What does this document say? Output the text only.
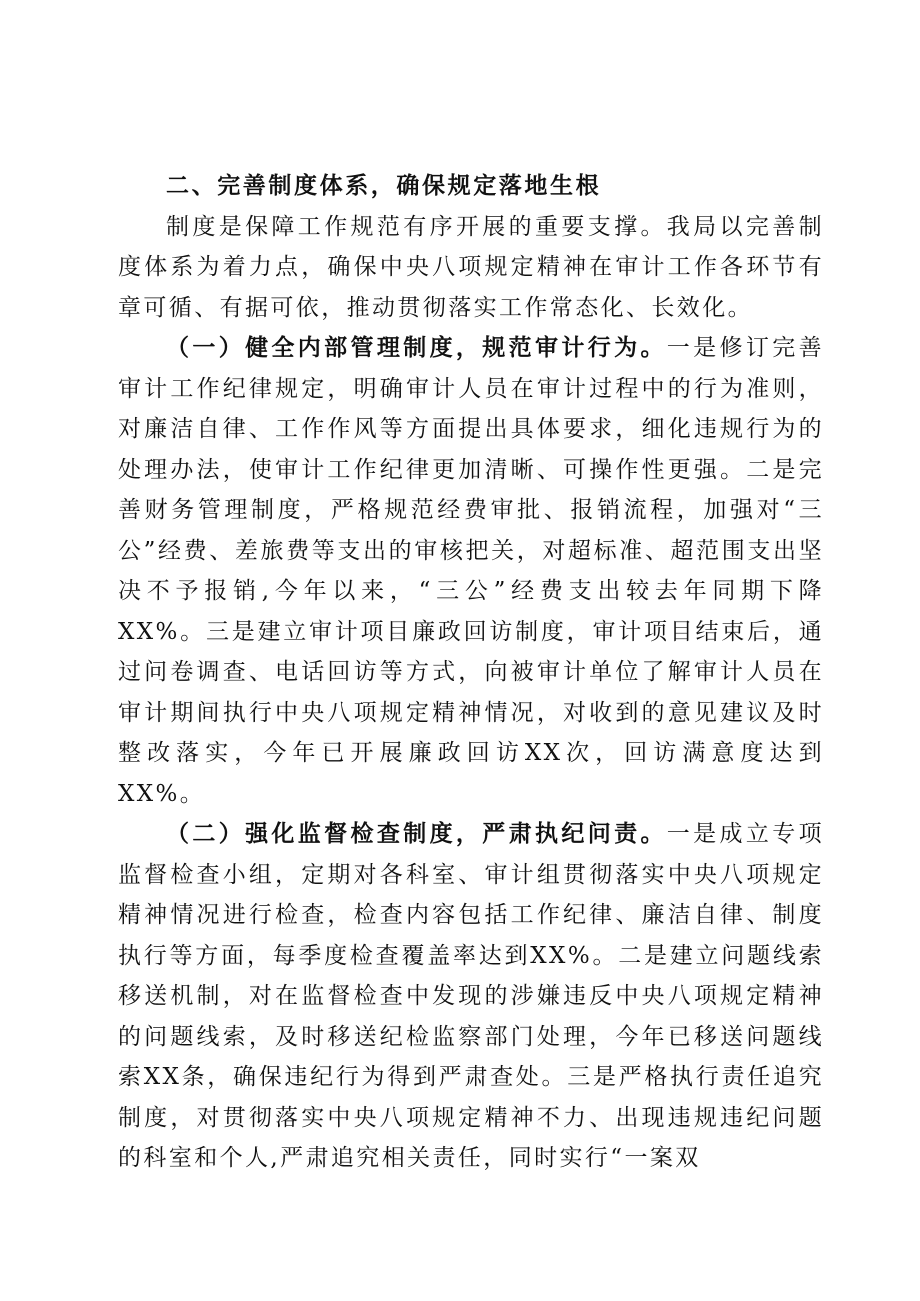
二、完善制度体系，确保规定落地生根

制度是保障工作规范有序开展的重要支撑。我局以完善制度体系为着力点，确保中央八项规定精神在审计工作各环节有章可循、有据可依，推动贯彻落实工作常态化、长效化。

（一）健全内部管理制度，规范审计行为。一是修订完善审计工作纪律规定，明确审计人员在审计过程中的行为准则，对廉洁自律、工作作风等方面提出具体要求，细化违规行为的处理办法，使审计工作纪律更加清晰、可操作性更强。二是完善财务管理制度，严格规范经费审批、报销流程，加强对“三公”经费、差旅费等支出的审核把关，对超标准、超范围支出坚决不予报销,今年以来，“三公”经费支出较去年同期下降XX%。三是建立审计项目廉政回访制度，审计项目结束后，通过问卷调查、电话回访等方式，向被审计单位了解审计人员在审计期间执行中央八项规定精神情况，对收到的意见建议及时整改落实，今年已开展廉政回访XX次，回访满意度达到XX%。

（二）强化监督检查制度，严肃执纪问责。一是成立专项监督检查小组，定期对各科室、审计组贯彻落实中央八项规定精神情况进行检查，检查内容包括工作纪律、廉洁自律、制度执行等方面，每季度检查覆盖率达到XX%。二是建立问题线索移送机制，对在监督检查中发现的涉嫌违反中央八项规定精神的问题线索，及时移送纪检监察部门处理，今年已移送问题线索XX条，确保违纪行为得到严肃查处。三是严格执行责任追究制度，对贯彻落实中央八项规定精神不力、出现违规违纪问题的科室和个人,严肃追究相关责任，同时实行“一案双
